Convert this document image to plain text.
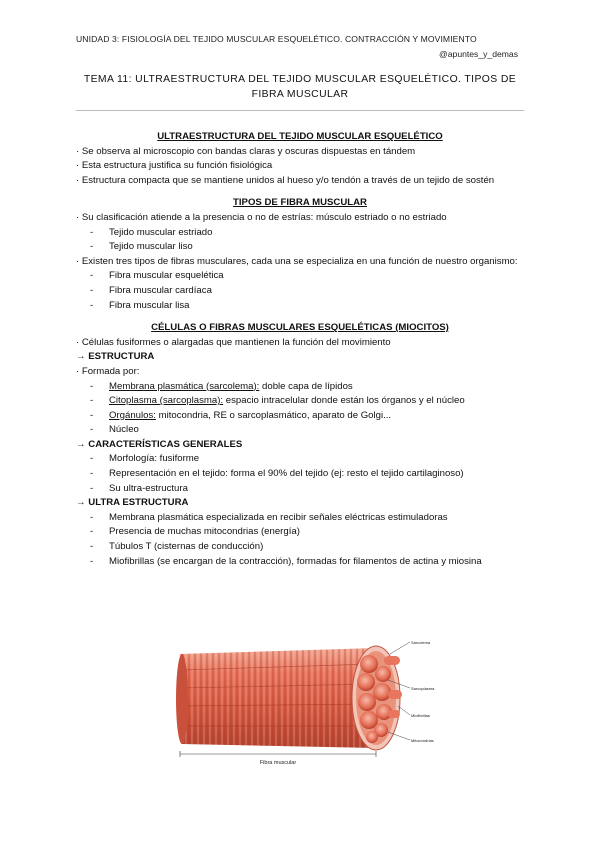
UNIDAD 3: FISIOLOGÍA DEL TEJIDO MUSCULAR ESQUELÉTICO. CONTRACCIÓN Y MOVIMIENTO
@apuntes_y_demas
TEMA 11: ULTRAESTRUCTURA DEL TEJIDO MUSCULAR ESQUELÉTICO. TIPOS DE FIBRA MUSCULAR

ULTRAESTRUCTURA DEL TEJIDO MUSCULAR ESQUELÉTICO

· Se observa al microscopio con bandas claras y oscuras dispuestas en tándem

· Esta estructura justifica su función fisiológica

· Estructura compacta que se mantiene unidos al hueso y/o tendón a través de un tejido de sostén

TIPOS DE FIBRA MUSCULAR

· Su clasificación atiende a la presencia o no de estrías: músculo estriado o no estriado

- Tejido muscular estriado
- Tejido muscular liso

· Existen tres tipos de fibras musculares, cada una se especializa en una función de nuestro organismo:

- Fibra muscular esquelética
- Fibra muscular cardíaca
- Fibra muscular lisa

CÉLULAS O FIBRAS MUSCULARES ESQUELÉTICAS (MIOCITOS)

· Células fusiformes o alargadas que mantienen la función del movimiento

→ ESTRUCTURA

· Formada por:

- Membrana plasmática (sarcolema): doble capa de lípidos
- Citoplasma (sarcoplasma): espacio intracelular donde están los órganos y el núcleo
- Orgánulos: mitocondria, RE o sarcoplasmático, aparato de Golgi...
- Núcleo

→ CARACTERÍSTICAS GENERALES

- Morfología: fusiforme
- Representación en el tejido: forma el 90% del tejido (ej: resto el tejido cartilaginoso)
- Su ultra-estructura

→ ULTRA ESTRUCTURA

- Membrana plasmática especializada en recibir señales eléctricas estimuladoras
- Presencia de muchas mitocondrias (energía)
- Túbulos T (cisternas de conducción)
- Miofibrillas (se encargan de la contracción), formadas for filamentos de actina y miosina
Sarcolema
Sarcoplasma
Miofibrillas
Mitocondrias
Fibra muscular
